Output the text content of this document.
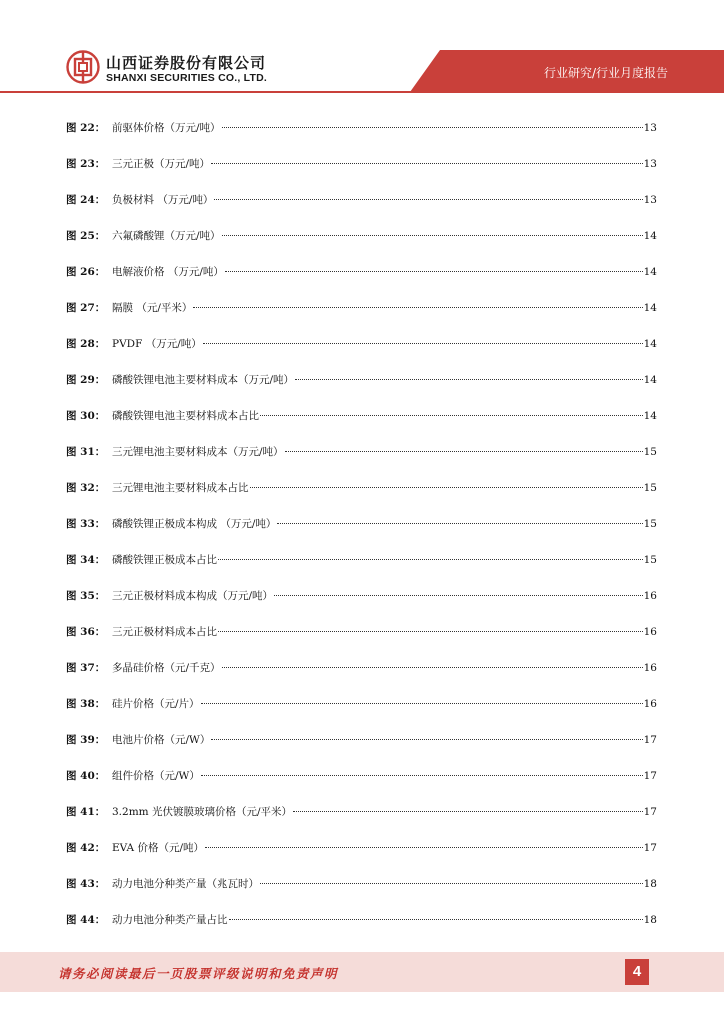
山西证券股份有限公司
SHANXI SECURITIES CO., LTD.	行业研究/行业月度报告
图 22： 前驱体价格（万元/吨）	13
图 23： 三元正极（万元/吨）	13
图 24： 负极材料 （万元/吨）	13
图 25： 六氟磷酸锂（万元/吨）	14
图 26： 电解液价格 （万元/吨）	14
图 27： 隔膜 （元/平米）	14
图 28： PVDF （万元/吨）	14
图 29： 磷酸铁锂电池主要材料成本（万元/吨）	14
图 30： 磷酸铁锂电池主要材料成本占比	14
图 31： 三元锂电池主要材料成本（万元/吨）	15
图 32： 三元锂电池主要材料成本占比	15
图 33： 磷酸铁锂正极成本构成 （万元/吨）	15
图 34： 磷酸铁锂正极成本占比	15
图 35： 三元正极材料成本构成（万元/吨）	16
图 36： 三元正极材料成本占比	16
图 37： 多晶硅价格（元/千克）	16
图 38： 硅片价格（元/片）	16
图 39： 电池片价格（元/W）	17
图 40： 组件价格（元/W）	17
图 41： 3.2mm 光伏镀膜玻璃价格（元/平米）	17
图 42： EVA 价格（元/吨）	17
图 43： 动力电池分种类产量（兆瓦时）	18
图 44： 动力电池分种类产量占比	18
请务必阅读最后一页股票评级说明和免责声明	4
